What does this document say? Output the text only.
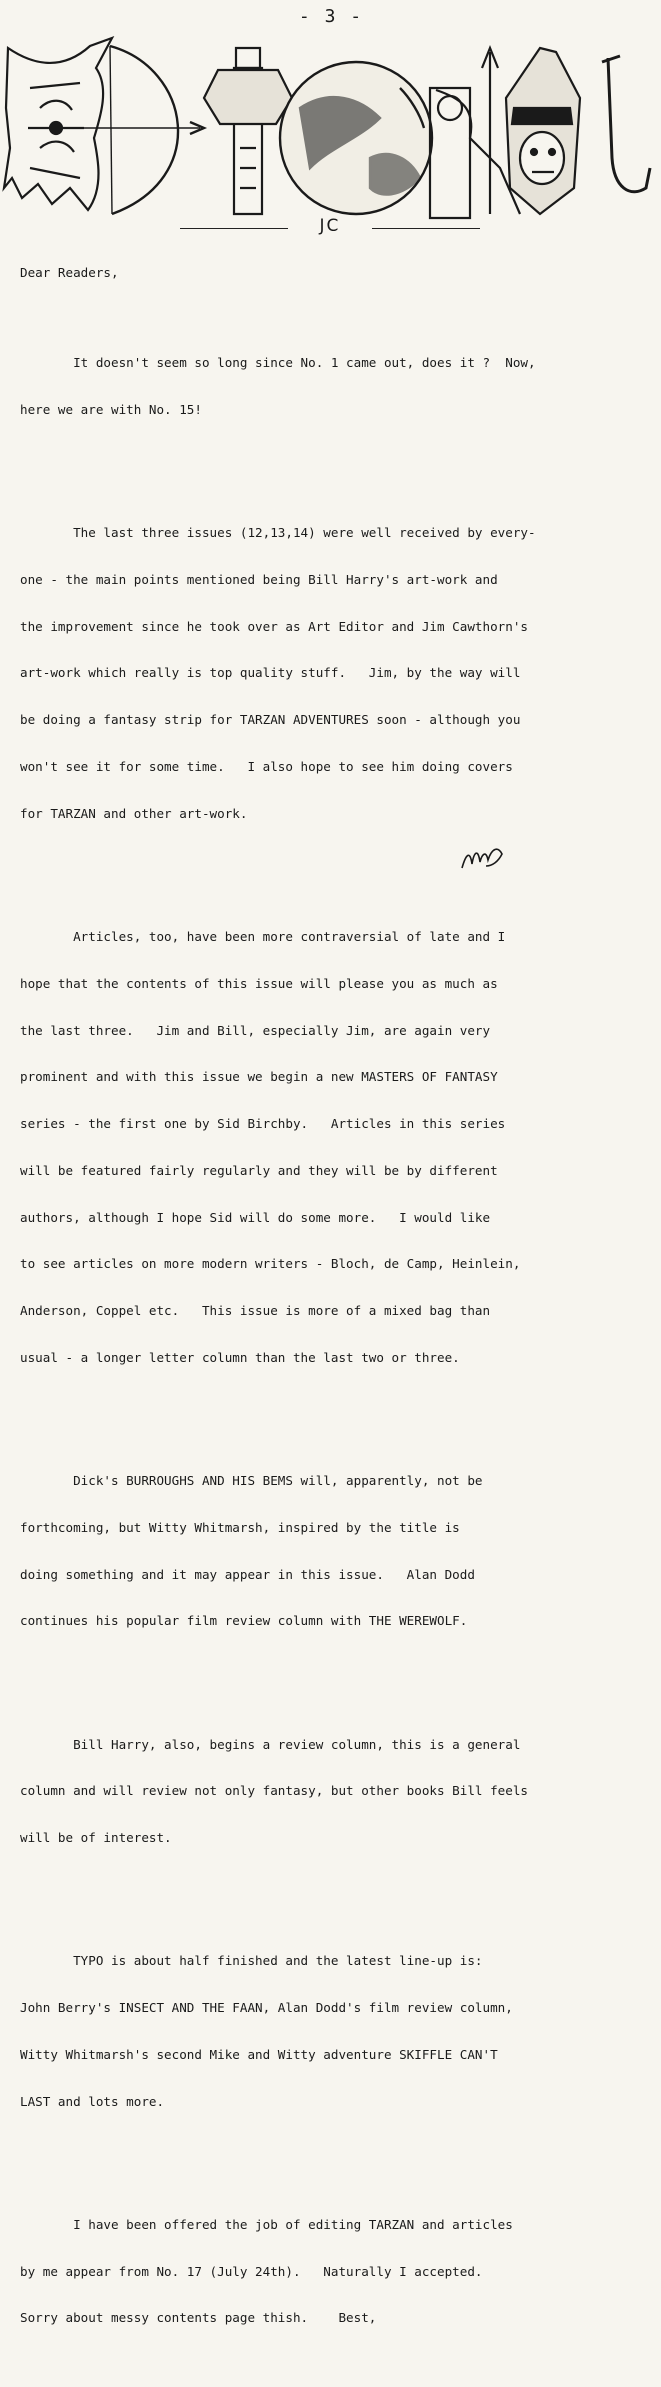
- 3 -
JC

Dear Readers,

It doesn't seem so long since No. 1 came out, does it ?  Now,

here we are with No. 15!

The last three issues (12,13,14) were well received by every-

one - the main points mentioned being Bill Harry's art-work and

the improvement since he took over as Art Editor and Jim Cawthorn's

art-work which really is top quality stuff.   Jim, by the way will

be doing a fantasy strip for TARZAN ADVENTURES soon - although you

won't see it for some time.   I also hope to see him doing covers

for TARZAN and other art-work.

Articles, too, have been more contraversial of late and I

hope that the contents of this issue will please you as much as

the last three.   Jim and Bill, especially Jim, are again very

prominent and with this issue we begin a new MASTERS OF FANTASY

series - the first one by Sid Birchby.   Articles in this series

will be featured fairly regularly and they will be by different

authors, although I hope Sid will do some more.   I would like

to see articles on more modern writers - Bloch, de Camp, Heinlein,

Anderson, Coppel etc.   This issue is more of a mixed bag than

usual - a longer letter column than the last two or three.

Dick's BURROUGHS AND HIS BEMS will, apparently, not be

forthcoming, but Witty Whitmarsh, inspired by the title is

doing something and it may appear in this issue.   Alan Dodd

continues his popular film review column with THE WEREWOLF.

Bill Harry, also, begins a review column, this is a general

column and will review not only fantasy, but other books Bill feels

will be of interest.

TYPO is about half finished and the latest line-up is:

John Berry's INSECT AND THE FAAN, Alan Dodd's film review column,

Witty Whitmarsh's second Mike and Witty adventure SKIFFLE CAN'T

LAST and lots more.

I have been offered the job of editing TARZAN and articles

by me appear from No. 17 (July 24th).   Naturally I accepted.

Sorry about messy contents page thish.    Best,
